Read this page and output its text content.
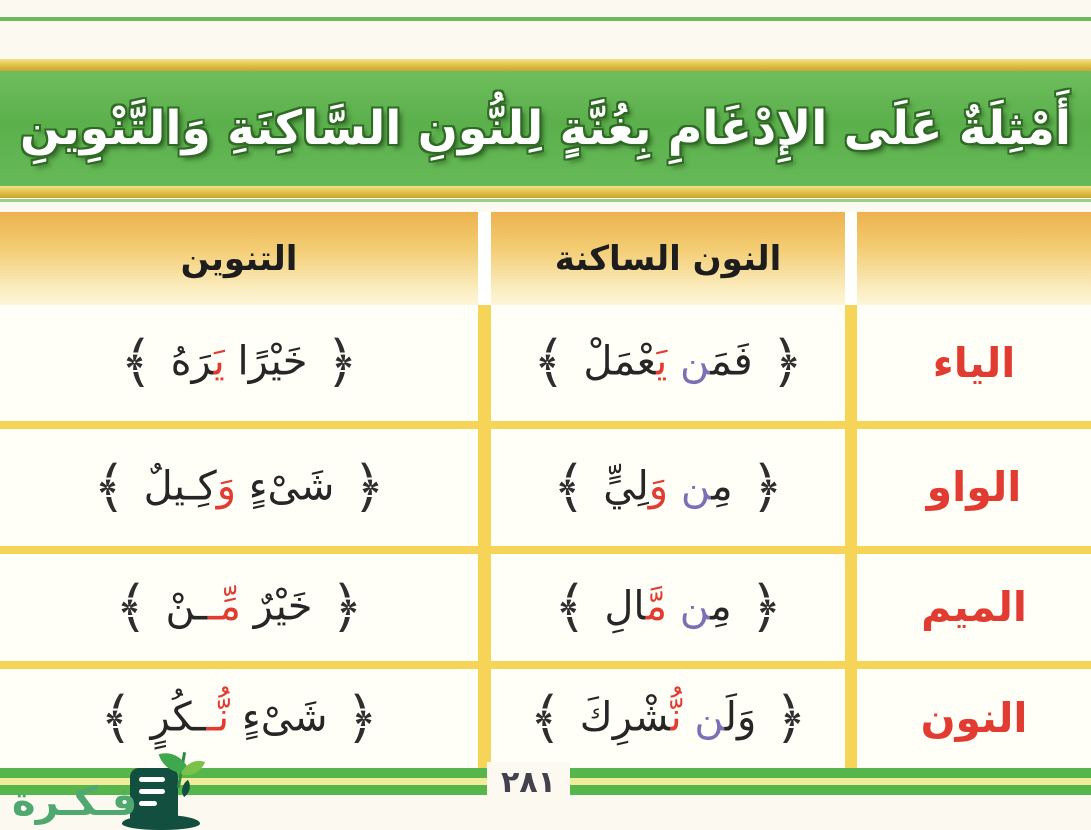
أَمْثِلَةٌ عَلَى الإِدْغَامِ بِغُنَّةٍ لِلنُّونِ السَّاكِنَةِ وَالتَّنْوِينِ
التنوين	النون الساكنة
الياء
﴿ فَمَ‍‍ن يَ‍‍عْمَلْ ﴾
﴿ خَيْرًا يَ‍‍رَهُ ﴾
الواو
﴿ مِ‍‍ن وَلِيٍّ ﴾
﴿ شَىْءٍ وَكِـيلٌ ﴾
الميم
﴿ مِ‍‍ن مَّ‍‍الِ ﴾
﴿ خَيْرٌ مِّــنْ ﴾
النون
﴿ وَلَ‍‍ن نُّ‍‍شْرِكَ ﴾
﴿ شَىْءٍ نُّــكُرٍ ﴾
٢٨١
فـكـرة
